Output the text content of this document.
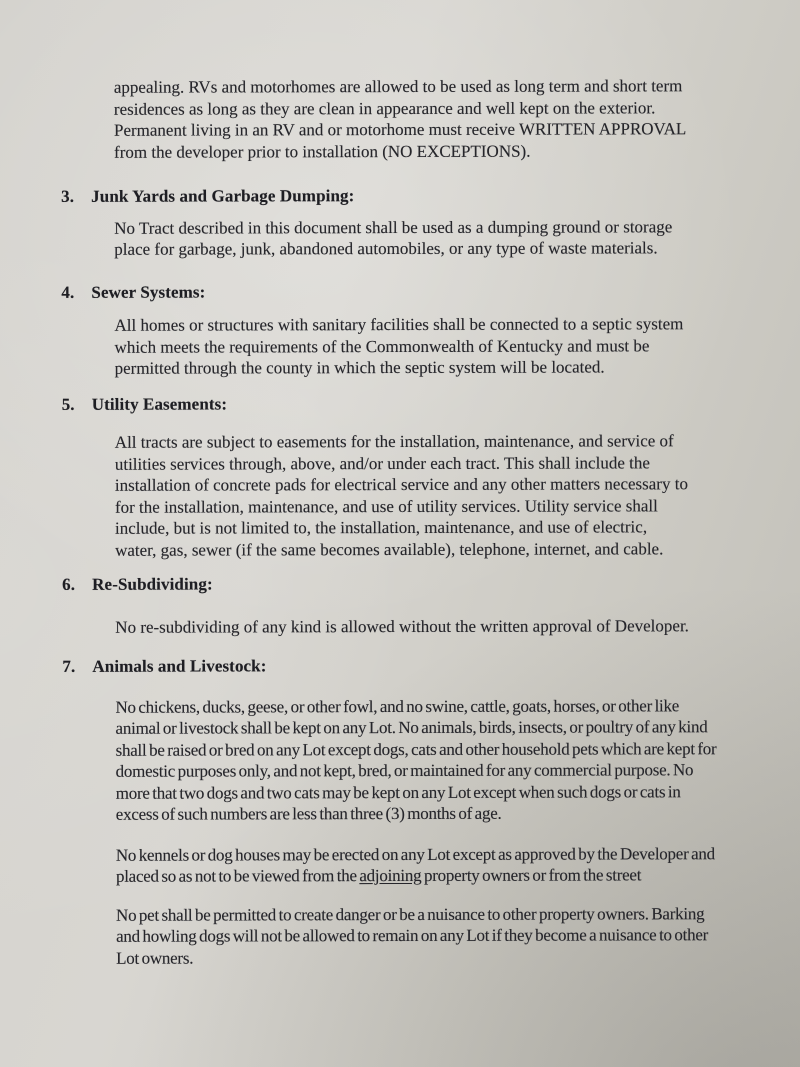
appealing. RVs and motorhomes are allowed to be used as long term and short term residences as long as they are clean in appearance and well kept on the exterior. Permanent living in an RV and or motorhome must receive WRITTEN APPROVAL from the developer prior to installation (NO EXCEPTIONS).

3. Junk Yards and Garbage Dumping:

No Tract described in this document shall be used as a dumping ground or storage place for garbage, junk, abandoned automobiles, or any type of waste materials.

4. Sewer Systems:

All homes or structures with sanitary facilities shall be connected to a septic system which meets the requirements of the Commonwealth of Kentucky and must be permitted through the county in which the septic system will be located.

5. Utility Easements:

All tracts are subject to easements for the installation, maintenance, and service of utilities services through, above, and/or under each tract. This shall include the installation of concrete pads for electrical service and any other matters necessary to for the installation, maintenance, and use of utility services. Utility service shall include, but is not limited to, the installation, maintenance, and use of electric, water, gas, sewer (if the same becomes available), telephone, internet, and cable.

6. Re-Subdividing:

No re-subdividing of any kind is allowed without the written approval of Developer.

7. Animals and Livestock:

No chickens, ducks, geese, or other fowl, and no swine, cattle, goats, horses, or other like animal or livestock shall be kept on any Lot. No animals, birds, insects, or poultry of any kind shall be raised or bred on any Lot except dogs, cats and other household pets which are kept for domestic purposes only, and not kept, bred, or maintained for any commercial purpose. No more that two dogs and two cats may be kept on any Lot except when such dogs or cats in excess of such numbers are less than three (3) months of age.

No kennels or dog houses may be erected on any Lot except as approved by the Developer and placed so as not to be viewed from the adjoining property owners or from the street

No pet shall be permitted to create danger or be a nuisance to other property owners. Barking and howling dogs will not be allowed to remain on any Lot if they become a nuisance to other Lot owners.
